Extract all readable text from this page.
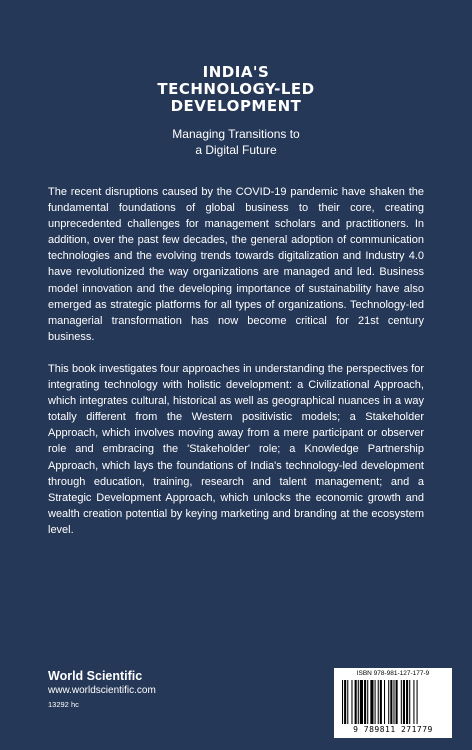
INDIA'S
TECHNOLOGY-LED
DEVELOPMENT
Managing Transitions to
a Digital Future

The recent disruptions caused by the COVID-19 pandemic have shaken the fundamental foundations of global business to their core, creating unprecedented challenges for management scholars and practitioners. In addition, over the past few decades, the general adoption of communication technologies and the evolving trends towards digitalization and Industry 4.0 have revolutionized the way organizations are managed and led. Business model innovation and the developing importance of sustainability have also emerged as strategic platforms for all types of organizations. Technology-led managerial transformation has now become critical for 21st century business.

This book investigates four approaches in understanding the perspectives for integrating technology with holistic development: a Civilizational Approach, which integrates cultural, historical as well as geographical nuances in a way totally different from the Western positivistic models; a Stakeholder Approach, which involves moving away from a mere participant or observer role and embracing the 'Stakeholder' role; a Knowledge Partnership Approach, which lays the foundations of India's technology-led development through education, training, research and talent management; and a Strategic Development Approach, which unlocks the economic growth and wealth creation potential by keying marketing and branding at the ecosystem level.

World Scientific
www.worldscientific.com
13292 hc
ISBN 978-981-127-177-9
9 789811 271779
